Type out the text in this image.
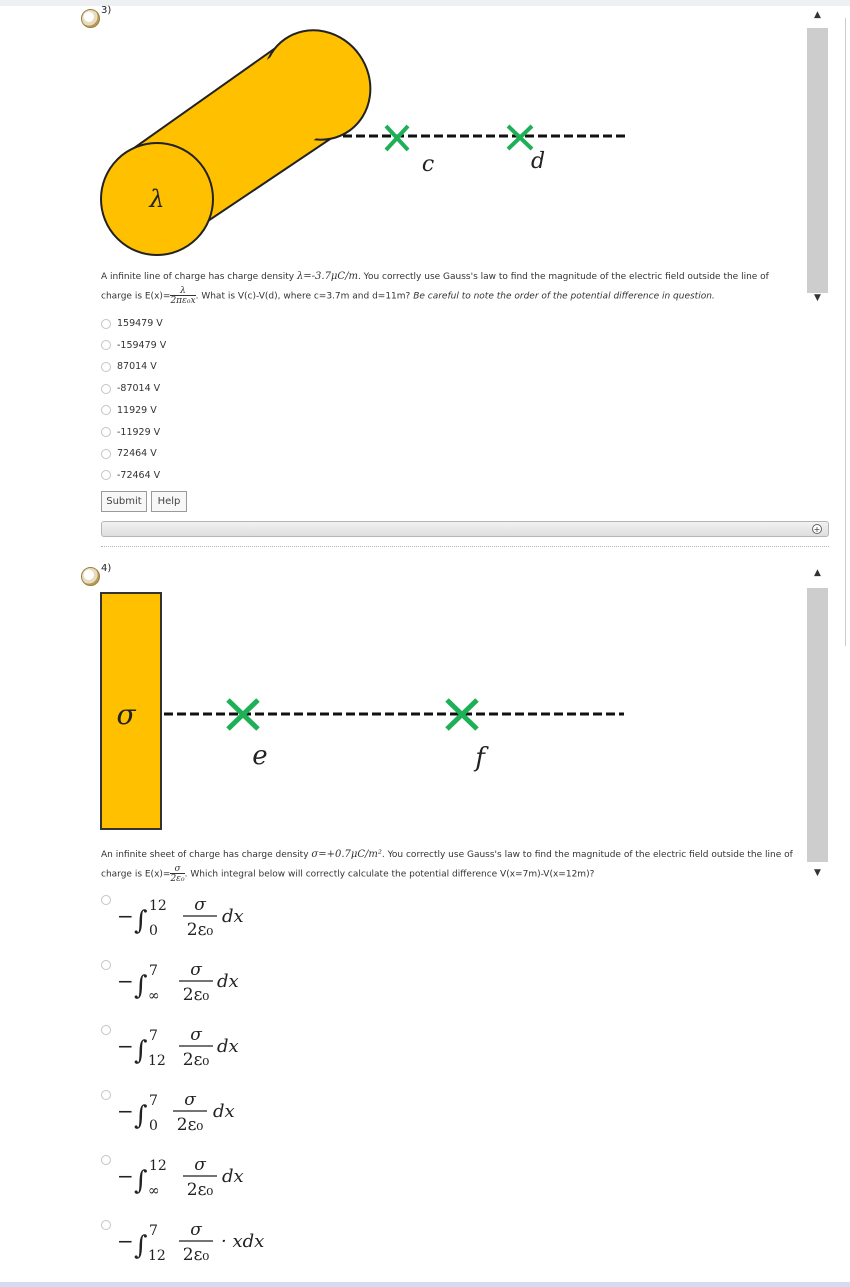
3)	▲
▼
λ
c	d
A infinite line of charge has charge density λ=-3.7μC/m. You correctly use Gauss's law to find the magnitude of the electric field outside the line of charge is $E(x)= \frac{\lambda}{\text{2πε₀x}}$ . What is V(c)-V(d), where c=3.7m and d=11m? Be careful to note the order of the potential difference in question.
159479 V
-159479 V
87014 V
-87014 V
11929 V
-11929 V
72464 V
-72464 V
Submit	Help
+
4)	▲
▼
σ
e	f
An infinite sheet of charge has charge density σ=+0.7μC/m². You correctly use Gauss's law to find the magnitude of the electric field outside the line of charge is $E(x)= \frac{\sigma}{\text{2ε₀}}$ . Which integral below will correctly calculate the potential difference V(x=7m)-V(x=12m)?
− ∫ 12
0
σ
2ε₀
dx
− ∫ 7
∞
σ
2ε₀
dx
− ∫ 7
12
σ
2ε₀
dx
− ∫ 7
0
σ
2ε₀
dx
− ∫ 12
∞
σ
2ε₀
dx
− ∫ 7
12
σ
2ε₀
· xdx
